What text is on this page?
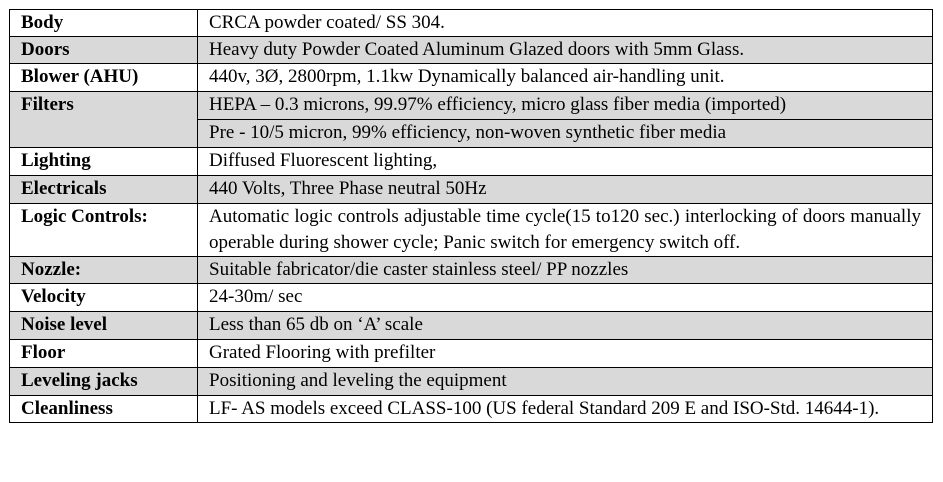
Body	CRCA powder coated/ SS 304.
Doors	Heavy duty Powder Coated Aluminum Glazed doors with 5mm Glass.
Blower (AHU)	440v, 3Ø, 2800rpm, 1.1kw Dynamically balanced air-handling unit.
Filters	HEPA – 0.3 microns, 99.97% efficiency, micro glass fiber media (imported)
	Pre - 10/5 micron, 99% efficiency, non-woven synthetic fiber media
Lighting	Diffused Fluorescent lighting,
Electricals	440 Volts, Three Phase neutral 50Hz
Logic Controls:	Automatic logic controls adjustable time cycle(15 to120 sec.) interlocking of doors manually operable during shower cycle; Panic switch for emergency switch off.
Nozzle:	Suitable fabricator/die caster stainless steel/ PP nozzles
Velocity	24-30m/ sec
Noise level	Less than 65 db on ‘A’ scale
Floor	Grated Flooring with prefilter
Leveling jacks	Positioning and leveling the equipment
Cleanliness	LF- AS models exceed CLASS-100 (US federal Standard 209 E and ISO-Std. 14644-1).
